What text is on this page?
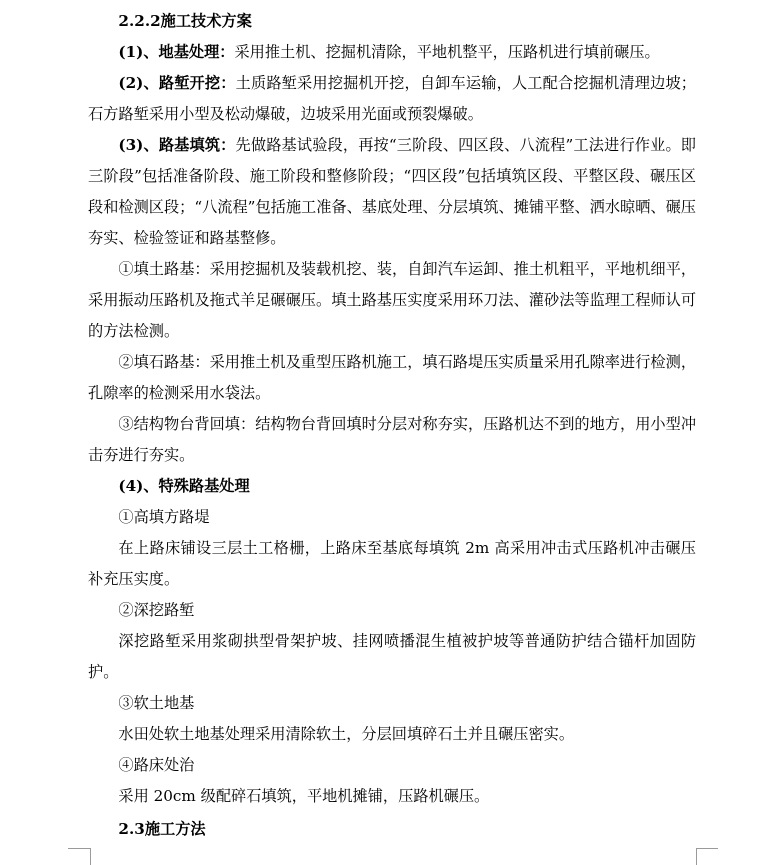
2.2.2施工技术方案

(1)、地基处理：采用推土机、挖掘机清除，平地机整平，压路机进行填前碾压。

(2)、路堑开挖：土质路堑采用挖掘机开挖，自卸车运输，人工配合挖掘机清理边坡；石方路堑采用小型及松动爆破，边坡采用光面或预裂爆破。

(3)、路基填筑：先做路基试验段，再按“三阶段、四区段、八流程”工法进行作业。即三阶段”包括准备阶段、施工阶段和整修阶段；“四区段”包括填筑区段、平整区段、碾压区段和检测区段；“八流程”包括施工准备、基底处理、分层填筑、摊铺平整、洒水晾晒、碾压夯实、检验签证和路基整修。

①填土路基：采用挖掘机及装载机挖、装，自卸汽车运卸、推土机粗平，平地机细平，采用振动压路机及拖式羊足碾碾压。填土路基压实度采用环刀法、灌砂法等监理工程师认可的方法检测。

②填石路基：采用推土机及重型压路机施工，填石路堤压实质量采用孔隙率进行检测，孔隙率的检测采用水袋法。

③结构物台背回填：结构物台背回填时分层对称夯实，压路机达不到的地方，用小型冲击夯进行夯实。

(4)、特殊路基处理

①高填方路堤

在上路床铺设三层土工格栅，上路床至基底每填筑 2m 高采用冲击式压路机冲击碾压补充压实度。

②深挖路堑

深挖路堑采用浆砌拱型骨架护坡、挂网喷播混生植被护坡等普通防护结合锚杆加固防护。

③软土地基

水田处软土地基处理采用清除软土，分层回填碎石土并且碾压密实。

④路床处治

采用 20cm 级配碎石填筑，平地机摊铺，压路机碾压。

2.3施工方法
